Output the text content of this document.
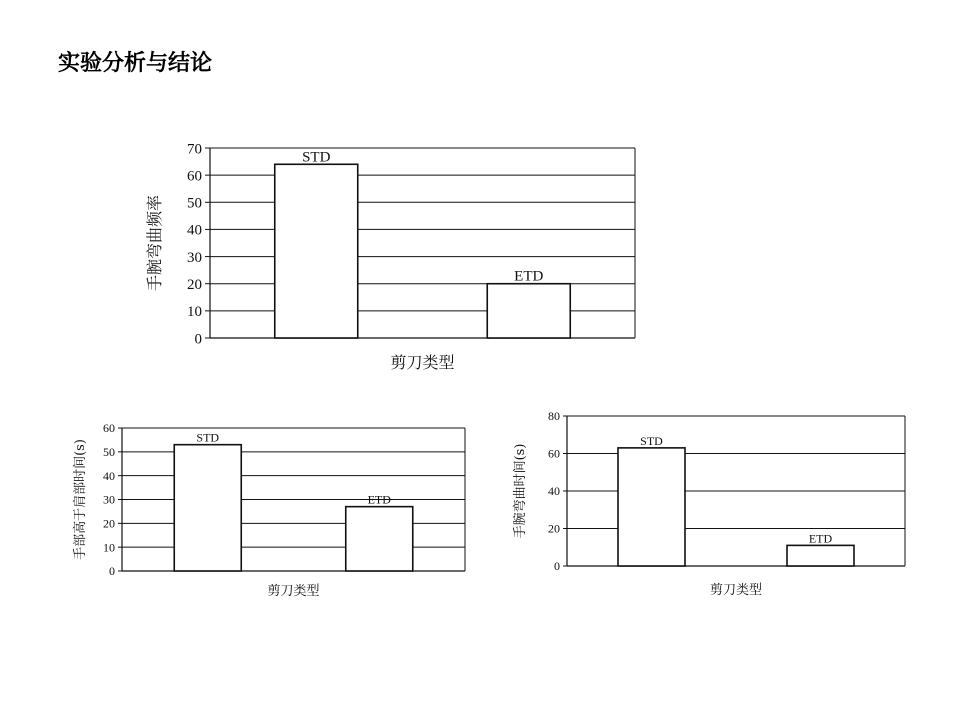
实验分析与结论
0
10
20
30
40
50
60
70
STD
ETD
剪刀类型
手腕弯曲频率
0
10
20
30
40
50
60
STD
ETD
剪刀类型
手部高于肩部时间(s)
0
20
40
60
80
STD
ETD
剪刀类型
手腕弯曲时间(s)
